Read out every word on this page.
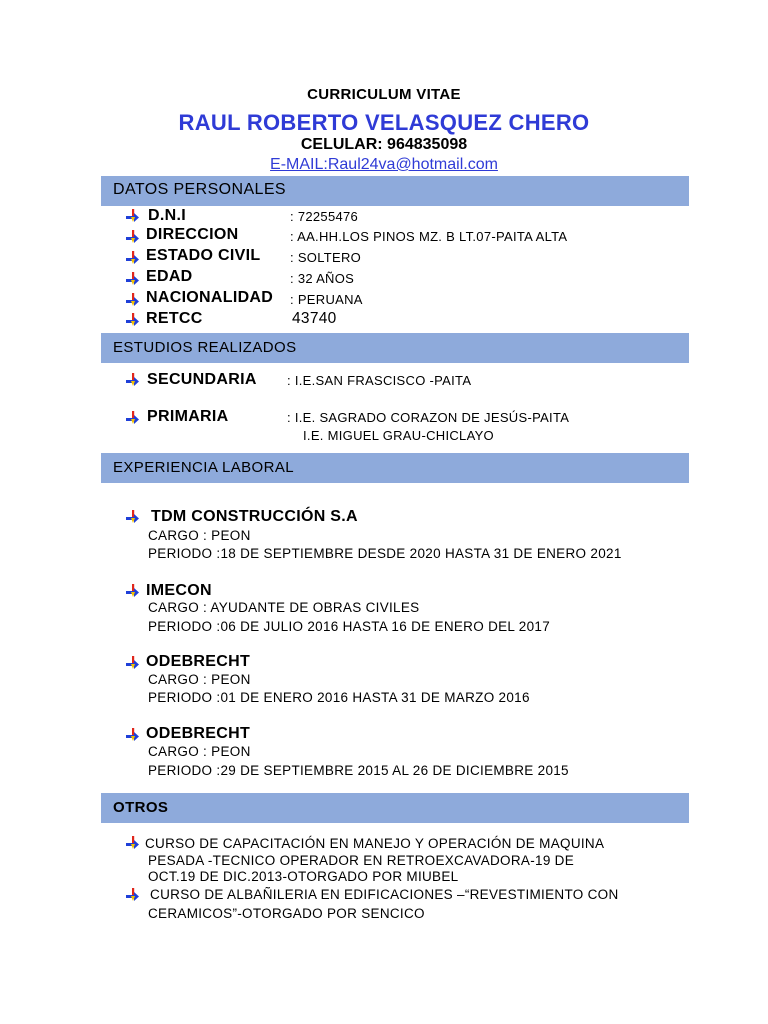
CURRICULUM VITAE
RAUL ROBERTO VELASQUEZ CHERO
CELULAR: 964835098
E-MAIL:Raul24va@hotmail.com
DATOS PERSONALES
D.N.I	: 72255476
DIRECCION	: AA.HH.LOS PINOS MZ. B LT.07-PAITA ALTA
ESTADO CIVIL : SOLTERO
EDAD	: 32 AÑOS
NACIONALIDAD : PERUANA
RETCC	43740
ESTUDIOS REALIZADOS
SECUNDARIA : I.E.SAN FRASCISCO -PAITA
PRIMARIA	: I.E. SAGRADO CORAZON DE JESÚS-PAITA
I.E. MIGUEL GRAU-CHICLAYO
EXPERIENCIA LABORAL
TDM CONSTRUCCIÓN S.A
CARGO : PEON
PERIODO :18 DE SEPTIEMBRE DESDE 2020 HASTA 31 DE ENERO 2021
IMECON
CARGO : AYUDANTE DE OBRAS CIVILES
PERIODO :06 DE JULIO 2016 HASTA 16 DE ENERO DEL 2017
ODEBRECHT
CARGO : PEON
PERIODO :01 DE ENERO 2016 HASTA 31 DE MARZO 2016
ODEBRECHT
CARGO : PEON
PERIODO :29 DE SEPTIEMBRE 2015 AL 26 DE DICIEMBRE 2015
OTROS
CURSO DE CAPACITACIÓN EN MANEJO Y OPERACIÓN DE MAQUINA
PESADA -TECNICO OPERADOR EN RETROEXCAVADORA-19 DE
OCT.19 DE DIC.2013-OTORGADO POR MIUBEL
CURSO DE ALBAÑILERIA EN EDIFICACIONES –“REVESTIMIENTO CON
CERAMICOS”-OTORGADO POR SENCICO
